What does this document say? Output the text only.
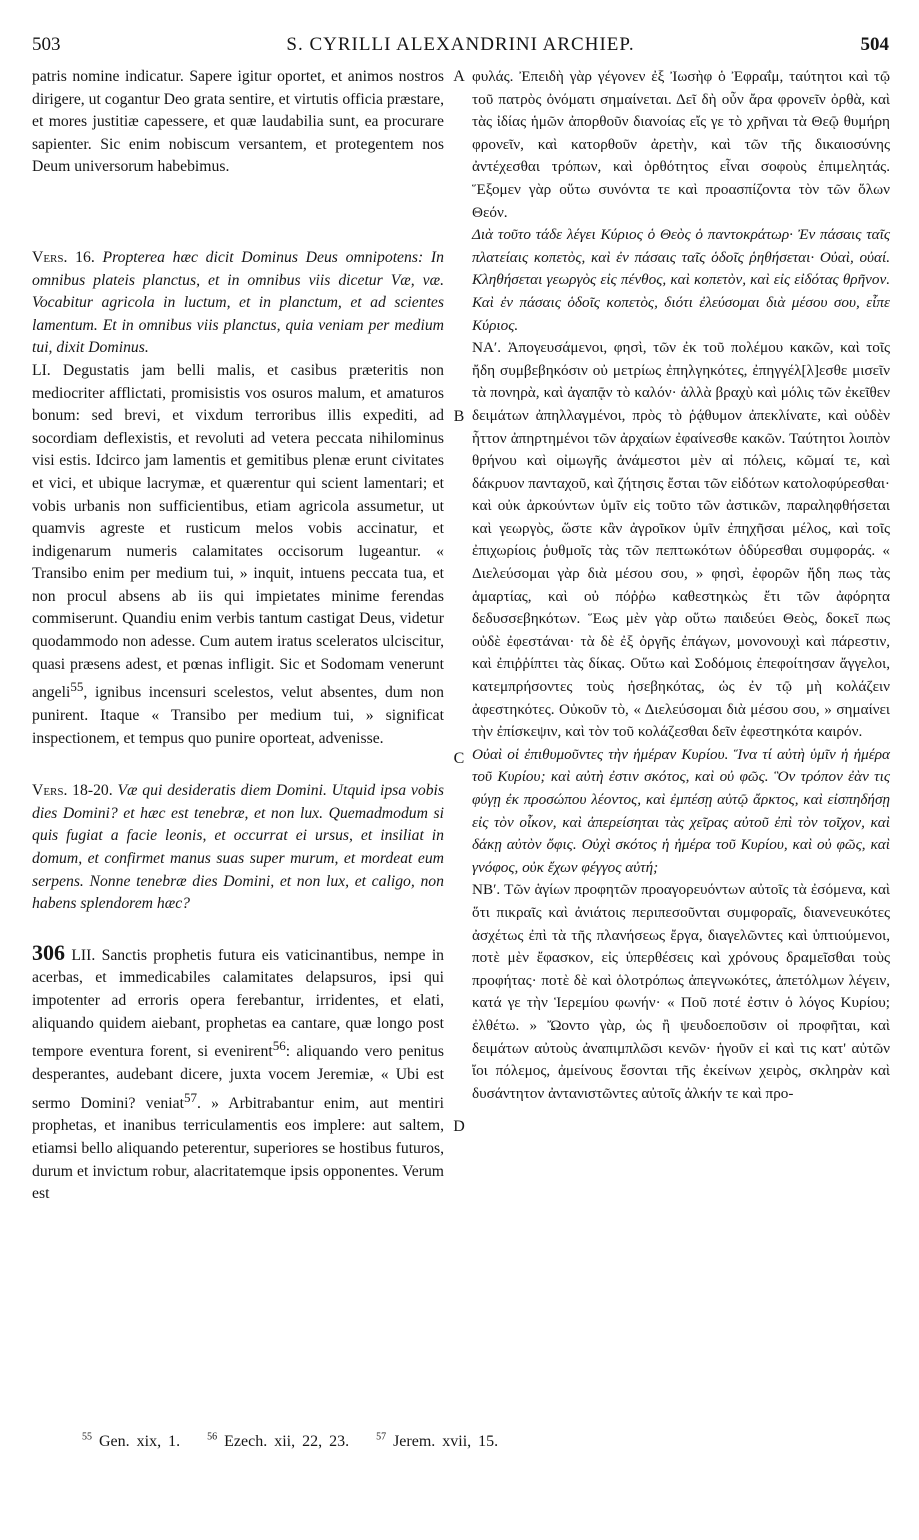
503	S. CYRILLI ALEXANDRINI ARCHIEP.	504

patris nomine indicatur. Sapere igitur oportet, et animos nostros dirigere, ut cogantur Deo grata sentire, et virtutis officia præstare, et mores justitiæ capessere, et quæ laudabilia sunt, ea procurare sapienter. Sic enim nobiscum versantem, et protegentem nos Deum universorum habebimus.

Vers. 16. Propterea hæc dicit Dominus Deus omnipotens: In omnibus plateis planctus, et in omnibus viis dicetur Væ, væ. Vocabitur agricola in luctum, et in planctum, et ad scientes lamentum. Et in omnibus viis planctus, quia veniam per medium tui, dixit Dominus.

LI. Degustatis jam belli malis, et casibus præteritis non mediocriter afflictati, promisistis vos osuros malum, et amaturos bonum: sed brevi, et vixdum terroribus illis expediti, ad socordiam deflexistis, et revoluti ad vetera peccata nihilominus visi estis. Idcirco jam lamentis et gemitibus plenæ erunt civitates et vici, et ubique lacrymæ, et quærentur qui scient lamentari; et vobis urbanis non sufficientibus, etiam agricola assumetur, ut quamvis agreste et rusticum melos vobis accinatur, et indigenarum numeris calamitates occisorum lugeantur. « Transibo enim per medium tui, » inquit, intuens peccata tua, et non procul absens ab iis qui impietates minime ferendas commiserunt. Quandiu enim verbis tantum castigat Deus, videtur quodammodo non adesse. Cum autem iratus sceleratos ulciscitur, quasi præsens adest, et pœnas infligit. Sic et Sodomam venerunt angeli$^{55}$, ignibus incensuri scelestos, velut absentes, dum non punirent. Itaque « Transibo per medium tui, » significat inspectionem, et tempus quo punire oporteat, advenisse.

Vers. 18-20. Væ qui desideratis diem Domini. Utquid ipsa vobis dies Domini? et hæc est tenebræ, et non lux. Quemadmodum si quis fugiat a facie leonis, et occurrat ei ursus, et insiliat in domum, et confirmet manus suas super murum, et mordeat eum serpens. Nonne tenebræ dies Domini, et non lux, et caligo, non habens splendorem hæc?

306 LII. Sanctis prophetis futura eis vaticinantibus, nempe in acerbas, et immedicabiles calamitates delapsuros, ipsi qui impotenter ad erroris opera ferebantur, irridentes, et elati, aliquando quidem aiebant, prophetas ea cantare, quæ longo post tempore eventura forent, si evenirent$^{56}$: aliquando vero penitus desperantes, audebant dicere, juxta vocem Jeremiæ, « Ubi est sermo Domini? veniat$^{57}$. » Arbitrabantur enim, aut mentiri prophetas, et inanibus terriculamentis eos implere: aut saltem, etiamsi bello aliquando peterentur, superiores se hostibus futuros, durum et invictum robur, alacritatemque ipsis opponentes. Verum est

A
B
C
D

φυλάς. Ἐπειδὴ γὰρ γέγονεν ἐξ Ἰωσὴφ ὁ Ἐφραΐμ, ταύτητοι καὶ τῷ τοῦ πατρὸς ὀνόματι σημαίνεται. Δεῖ δὴ οὖν ἄρα φρονεῖν ὀρθὰ, καὶ τὰς ἰδίας ἡμῶν ἀπορθοῦν διανοίας εἴς γε τὸ χρῆναι τὰ Θεῷ θυμήρη φρονεῖν, καὶ κατορθοῦν ἀρετὴν, καὶ τῶν τῆς δικαιοσύνης ἀντέχεσθαι τρόπων, καὶ ὀρθότητος εἶναι σοφοὺς ἐπιμελητάς. Ἕξομεν γὰρ οὕτω συνόντα τε καὶ προασπίζοντα τὸν τῶν ὅλων Θεόν.

Διὰ τοῦτο τάδε λέγει Κύριος ὁ Θεὸς ὁ παντοκράτωρ· Ἐν πάσαις ταῖς πλατείαις κοπετὸς, καὶ ἐν πάσαις ταῖς ὁδοῖς ῥηθήσεται· Οὐαὶ, οὐαί. Κληθήσεται γεωργὸς εἰς πένθος, καὶ κοπετὸν, καὶ εἰς εἰδότας θρῆνον. Καὶ ἐν πάσαις ὁδοῖς κοπετὸς, διότι ἐλεύσομαι διὰ μέσου σου, εἶπε Κύριος.

ΝΑʹ. Ἀπογευσάμενοι, φησὶ, τῶν ἐκ τοῦ πολέμου κακῶν, καὶ τοῖς ἤδη συμβεβηκόσιν οὐ μετρίως ἐπηλγηκότες, ἐπηγγέλ[λ]εσθε μισεῖν τὰ πονηρὰ, καὶ ἀγαπᾷν τὸ καλόν· ἀλλὰ βραχὺ καὶ μόλις τῶν ἐκεῖθεν δειμάτων ἀπηλλαγμένοι, πρὸς τὸ ῥᾴθυμον ἀπεκλίνατε, καὶ οὐδὲν ἧττον ἀπηρτημένοι τῶν ἀρχαίων ἐφαίνεσθε κακῶν. Ταύτητοι λοιπὸν θρήνου καὶ οἰμωγῆς ἀνάμεστοι μὲν αἱ πόλεις, κῶμαί τε, καὶ δάκρυον πανταχοῦ, καὶ ζήτησις ἔσται τῶν εἰδότων κατολοφύρεσθαι· καὶ οὐκ ἀρκούντων ὑμῖν εἰς τοῦτο τῶν ἀστικῶν, παραληφθήσεται καὶ γεωργὸς, ὥστε κἂν ἀγροῖκον ὑμῖν ἐπηχῆσαι μέλος, καὶ τοῖς ἐπιχωρίοις ῥυθμοῖς τὰς τῶν πεπτωκότων ὀδύρεσθαι συμφοράς. « Διελεύσομαι γὰρ διὰ μέσου σου, » φησὶ, ἐφορῶν ἤδη πως τὰς ἁμαρτίας, καὶ οὐ πόῤῥω καθεστηκὼς ἔτι τῶν ἀφόρητα δεδυσσεβηκότων. Ἕως μὲν γὰρ οὕτω παιδεύει Θεὸς, δοκεῖ πως οὐδὲ ἐφεστάναι· τὰ δὲ ἐξ ὀργῆς ἐπάγων, μονονουχὶ καὶ πάρεστιν, καὶ ἐπιῤῥίπτει τὰς δίκας. Οὕτω καὶ Σοδόμοις ἐπεφοίτησαν ἄγγελοι, κατεμπρήσοντες τοὺς ἠσεβηκότας, ὡς ἐν τῷ μὴ κολάζειν ἀφεστηκότες. Οὐκοῦν τὸ, « Διελεύσομαι διὰ μέσου σου, » σημαίνει τὴν ἐπίσκεψιν, καὶ τὸν τοῦ κολάζεσθαι δεῖν ἐφεστηκότα καιρόν.

Οὐαὶ οἱ ἐπιθυμοῦντες τὴν ἡμέραν Κυρίου. Ἵνα τί αὐτὴ ὑμῖν ἡ ἡμέρα τοῦ Κυρίου; καὶ αὐτὴ ἐστιν σκότος, καὶ οὐ φῶς. Ὃν τρόπον ἐὰν τις φύγῃ ἐκ προσώπου λέοντος, καὶ ἐμπέσῃ αὐτῷ ἄρκτος, καὶ εἰσπηδήσῃ εἰς τὸν οἶκον, καὶ ἀπερείσηται τὰς χεῖρας αὐτοῦ ἐπὶ τὸν τοῖχον, καὶ δάκῃ αὐτὸν ὄφις. Οὐχὶ σκότος ἡ ἡμέρα τοῦ Κυρίου, καὶ οὐ φῶς, καὶ γνόφος, οὐκ ἔχων φέγγος αὐτή;

ΝΒʹ. Τῶν ἁγίων προφητῶν προαγορευόντων αὐτοῖς τὰ ἐσόμενα, καὶ ὅτι πικραῖς καὶ ἀνιάτοις περιπεσοῦνται συμφοραῖς, διανενευκότες ἀσχέτως ἐπὶ τὰ τῆς πλανήσεως ἔργα, διαγελῶντες καὶ ὑπτιούμενοι, ποτὲ μὲν ἔφασκον, εἰς ὑπερθέσεις καὶ χρόνους δραμεῖσθαι τοὺς προφήτας· ποτὲ δὲ καὶ ὁλοτρόπως ἀπεγνωκότες, ἀπετόλμων λέγειν, κατά γε τὴν Ἱερεμίου φωνήν· « Ποῦ ποτέ ἐστιν ὁ λόγος Κυρίου; ἐλθέτω. » Ὤοντο γὰρ, ὡς ἢ ψευδοεποῦσιν οἱ προφῆται, καὶ δειμάτων αὐτοὺς ἀναπιμπλῶσι κενῶν· ἡγοῦν εἰ καὶ τις κατ' αὐτῶν ἴοι πόλεμος, ἀμείνους ἔσονται τῆς ἐκείνων χειρὸς, σκληρὰν καὶ δυσάντητον ἀντανιστῶντες αὐτοῖς ἀλκήν τε καὶ προ-

$^{55}$ Gen. xix, 1.	$^{56}$ Ezech. xii, 22, 23.	$^{57}$ Jerem. xvii, 15.
